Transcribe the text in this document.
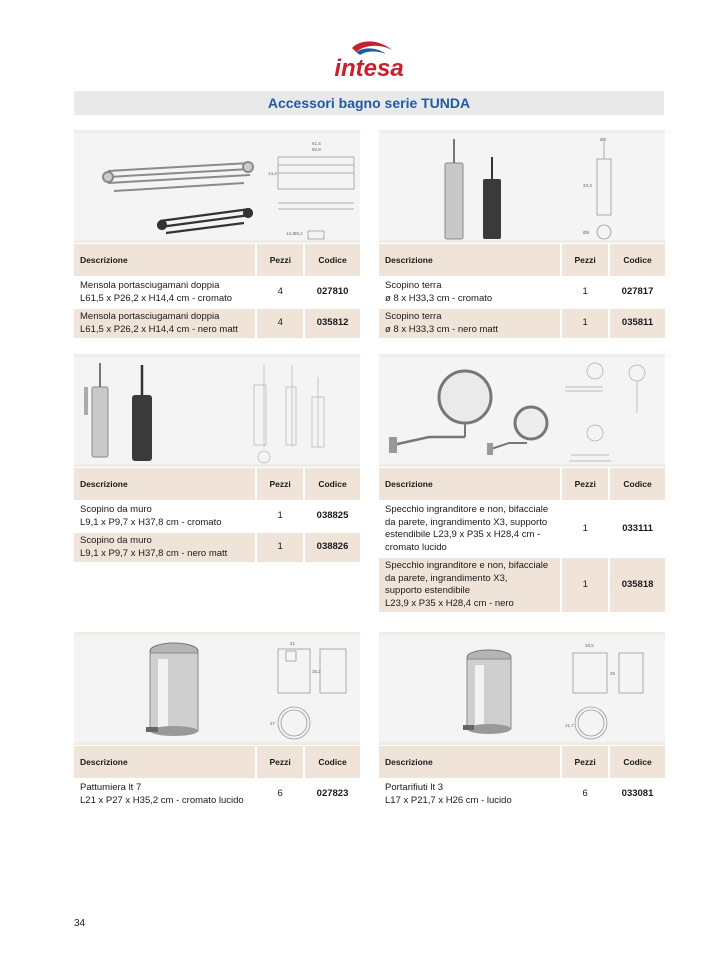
intesa
Accessori bagno serie TUNDA
61,5
50,8
14,4
14,4 26,2
Descrizione	Pezzi	Codice
Mensola portasciugamani doppia
L61,5 x P26,2 x H14,4 cm - cromato	4	027810
Mensola portasciugamani doppia
L61,5 x P26,2 x H14,4 cm - nero matt	4	035812
Ø8
33,3
Ø8
Descrizione	Pezzi	Codice
Scopino terra
ø 8 x H33,3 cm - cromato	1	027817
Scopino terra
ø 8 x H33,3 cm - nero matt	1	035811
Descrizione	Pezzi	Codice
Scopino da muro
L9,1 x P9,7 x H37,8 cm - cromato	1	038825
Scopino da muro
L9,1 x P9,7 x H37,8 cm - nero matt	1	038826
Descrizione	Pezzi	Codice
Specchio ingranditore e non, bifacciale
da parete, ingrandimento X3, supporto
estendibile L23,9 x P35 x H28,4 cm -
cromato lucido	1	033111
Specchio ingranditore e non, bifacciale
da parete, ingrandimento X3,
supporto estendibile
L23,9 x P35 x H28,4 cm - nero	1	035818
21
35,2
27
Descrizione	Pezzi	Codice
Pattumiera lt 7
L21 x P27 x H35,2 cm - cromato lucido	6	027823
16,5
26
21,7
Descrizione	Pezzi	Codice
Portarifiuti lt 3
L17 x P21,7 x H26 cm - lucido	6	033081
34
